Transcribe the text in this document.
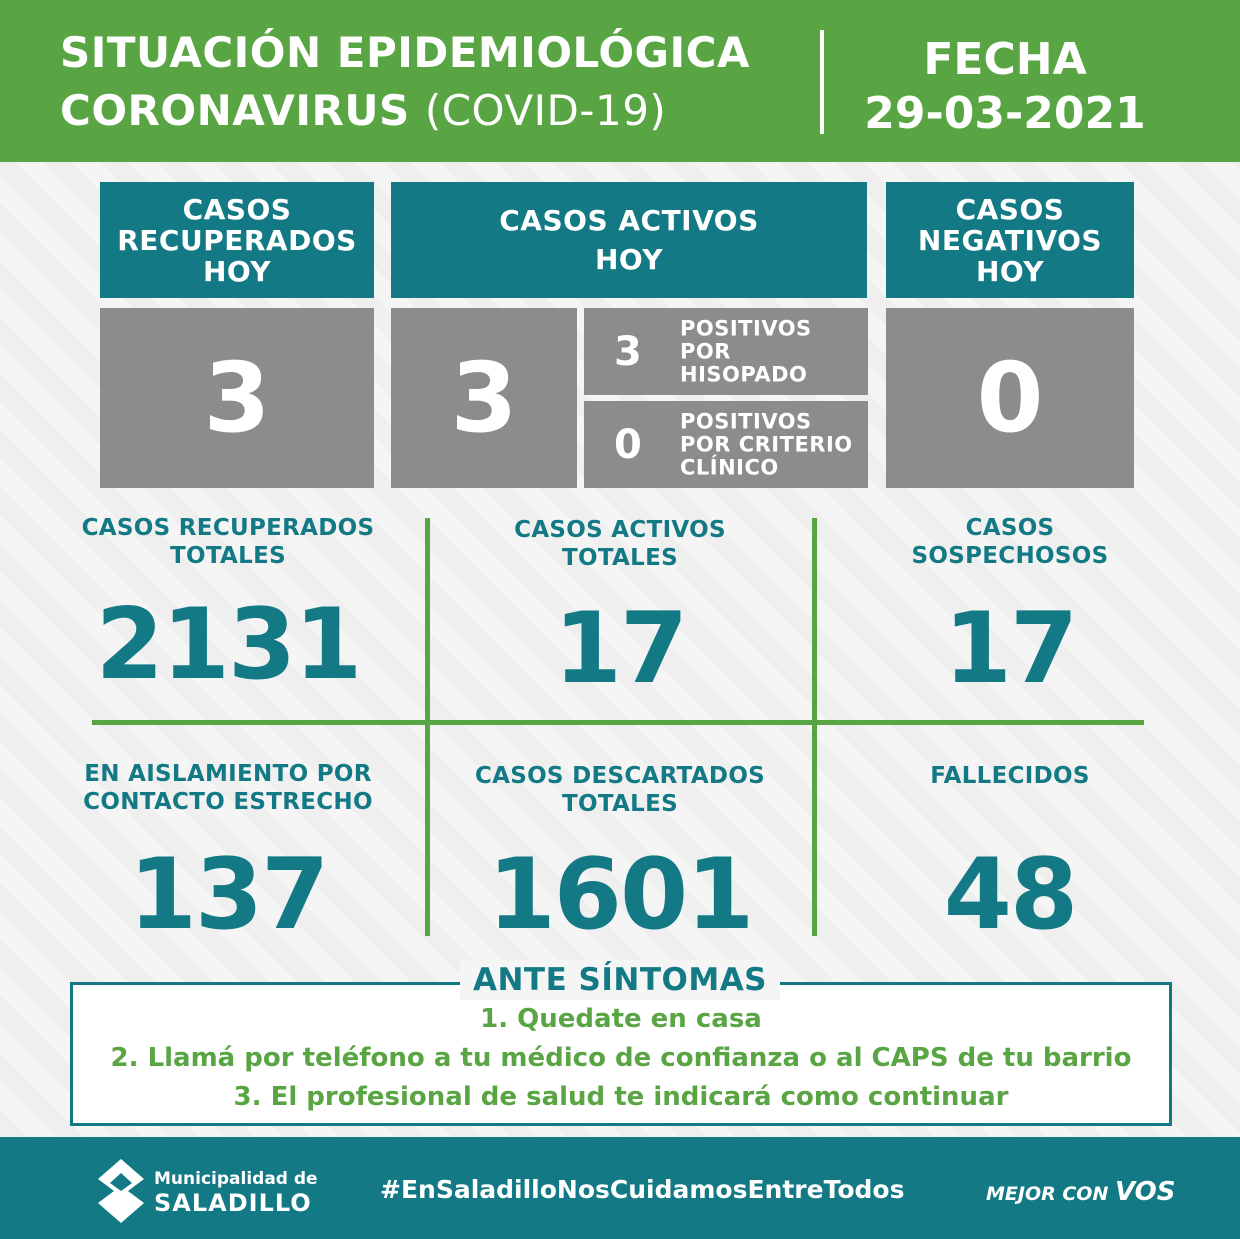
SITUACIÓN EPIDEMIOLÓGICA
CORONAVIRUS (COVID-19)
FECHA
29-03-2021
CASOS RECUPERADOS HOY
3
CASOS ACTIVOS
HOY
3 3
POSITIVOS POR HISOPADO
0
POSITIVOS POR CRITERIO CLÍNICO
CASOS NEGATIVOS HOY
0
CASOS RECUPERADOS
TOTALES
2131
CASOS ACTIVOS
TOTALES
17
CASOS
SOSPECHOSOS
17
EN AISLAMIENTO POR
CONTACTO ESTRECHO
137
CASOS DESCARTADOS
TOTALES
1601
FALLECIDOS
48
ANTE SÍNTOMAS
1. Quedate en casa
2. Llamá por teléfono a tu médico de confianza o al CAPS de tu barrio
3. El profesional de salud te indicará como continuar
Municipalidad de
SALADILLO	#EnSaladilloNosCuidamosEntreTodos	MEJOR CON VOS
